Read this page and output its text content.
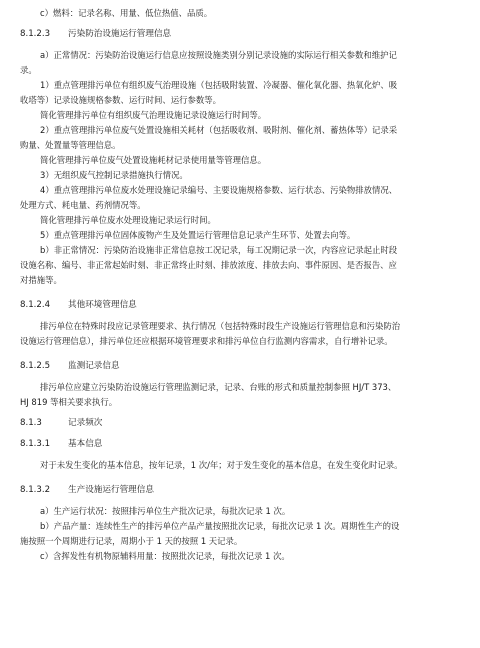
c）燃料：记录名称、用量、低位热值、品质。
8.1.2.3 污染防治设施运行管理信息
a）正常情况：污染防治设施运行信息应按照设施类别分别记录设施的实际运行相关参数和维护记
录。
1）重点管理排污单位有组织废气治理设施（包括吸附装置、冷凝器、催化氧化器、热氧化炉、吸
收塔等）记录设施规格参数、运行时间、运行参数等。
简化管理排污单位有组织废气治理设施记录设施运行时间等。
2）重点管理排污单位废气处置设施相关耗材（包括吸收剂、吸附剂、催化剂、蓄热体等）记录采
购量、处置量等管理信息。
简化管理排污单位废气处置设施耗材记录使用量等管理信息。
3）无组织废气控制记录措施执行情况。
4）重点管理排污单位废水处理设施记录编号、主要设施规格参数、运行状态、污染物排放情况、
处理方式、耗电量、药剂情况等。
简化管理排污单位废水处理设施记录运行时间。
5）重点管理排污单位固体废物产生及处置运行管理信息记录产生环节、处置去向等。
b）非正常情况：污染防治设施非正常信息按工况记录，每工况期记录一次，内容应记录起止时段
设施名称、编号、非正常起始时刻、非正常终止时刻、排放浓度、排放去向、事件原因、是否报告、应
对措施等。
8.1.2.4 其他环境管理信息
排污单位在特殊时段应记录管理要求、执行情况（包括特殊时段生产设施运行管理信息和污染防治
设施运行管理信息），排污单位还应根据环境管理要求和排污单位自行监测内容需求，自行增补记录。
8.1.2.5 监测记录信息
排污单位应建立污染防治设施运行管理监测记录，记录、台账的形式和质量控制参照 HJ/T 373、
HJ 819 等相关要求执行。
8.1.3	记录频次
8.1.3.1 基本信息
对于未发生变化的基本信息，按年记录，1 次/年；对于发生变化的基本信息，在发生变化时记录。
8.1.3.2 生产设施运行管理信息
a）生产运行状况：按照排污单位生产批次记录，每批次记录 1 次。
b）产品产量：连续性生产的排污单位产品产量按照批次记录，每批次记录 1 次。周期性生产的设
施按照一个周期进行记录，周期小于 1 天的按照 1 天记录。
c）含挥发性有机物原辅料用量：按照批次记录，每批次记录 1 次。
